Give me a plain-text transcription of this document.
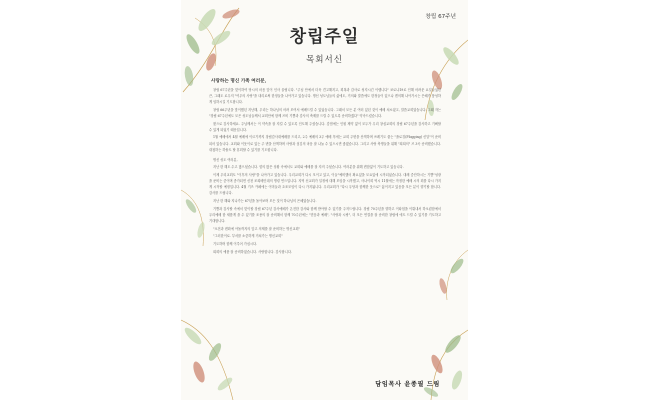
창립 67주년
창립주일
목회서신
사랑하는 명신 가족 여러분,

창립 67주년을 맞이하여 당시의 마음 앞이 인사 올립니다. "주님 안에서 더욱 견고해지고, 회복과 감사로 성지시킨 이렙니다" 코로나19로 인해 어려운 요일들었던 큰, 그래도 로우저 "여우의 사랑"을 내리로써 한정들을 나아가고 있습니다. 명신 성도님들의 삶에도, 거의와 말씀에도 한정들이 있으나 겐의해 나아가시는 은혜가 풍성하게 임하시길 기도합니다.

창립 66주년을 맞이했던 지난해, 우리는 하나님의 어려 모여서 예배드릴 수 있었습니다. 그래서 모든 분 여러 있던 것이 예배 처소였고, 말씀교회였습니다. 그래 자는 "창립 67주년에도 모은 성도님들께서 교회안에 함께 즈비 기쁨과 감사의 축제를 드릴 수 있도록 준비하겠다" 약속드렸습니다.

찾으로 감사하세요. 주님께서는 이 약속을 잘 지킬 수 있도록 인도해 주셨습니다. 감염에는 인원 제약 없이 모두가 무리 창십교회의 창립 67주년을 감사하고 기뻐할 수 있게 되었기 때문입니다.

1월 예배에서 4월 예배에 이르기까지 창립감사대예배를 드리고, 2주 예배의 3주 예배 후에는 교회 주변을 산책하며 쓰레기도 줍는 "플로깅(Plogging) 신앙"이 준비되어 있습니다. 교회와 이웃이로 있는 주 변을 산책하며 사랑과 섬김의 마음 잘 나눌 수 있으시면 좋겠습니다. 그리고 사랑 축명들을 위해 "희희의" 즈 3곡 준비했습니다. 대청하는 하솔도 할 휴회할 수 있기를 기도합니다.

명신 성도 여러분,

지난 한 해도 수고 많으셨습니다. 힘의 많은 상황 속에서도 교회와 예배를 잘 지켜 주셨습니다. 여러분을 위해 변함없이 기도하고 있습니다.

이제 우리교회도 "이후의 사랑"을 나아가고 있습니다. 우리교회가 다시 모이고 있고, 이들"예비했어 확요있을 모요있에 시작되었습니다. 대례 중단하시는 기쁨"성장을 준비는 중이며 종가되면 신천 조희배인데의 명령 연으입니다. 지역 신교회가 일정에 대해 모임을 시작했고, 사나이회 역시 11월에는 작정한 예배 시의 회를 다시 가지게 시작할 예정입니다. 4월 기즈 카페에는 이미들과 초조모임이 다시 가지됩니다. 우리교회가 "다시 우당과 함께한 웃으로" 삶이지고 있음을 모든 분이 향기할 합니다. 감사를 드립니다.

지난 한 해와 지나가는 67년을 돌아보며 모든 것이 하나님의 은혜였습니다.

기쁨과 감사할 속에서 맞이할 창립 67주년 감사예배가 온전한 감사와 함께 받아할 수 있기를 주저드립니다. 창립 70주년을 향하고 이타험을 이뤄내서 하오렴함에서 우리예배 함 새롭게 을 수 있기를 조용의 잘 준비해서 함께 70주년에는 "믿음과 예배", "사랑과 시랑", 더 모든 연결을 잘 준비한 창립에 에도 드릴 수 있기를 기도하고 기대합니다.

"오전과 변화에 아돌까지의 앞고 의제를 잘 준비하는 명신교회"

"그러한이로. 부서를 소중하게 거쳐가는 명신교회"

기도하며 함께 이루어 가십시다.

희회의 예품 잘 준비하였습니다. 사랑합니다. 감사합니다.

담임목사 윤종필 드림
